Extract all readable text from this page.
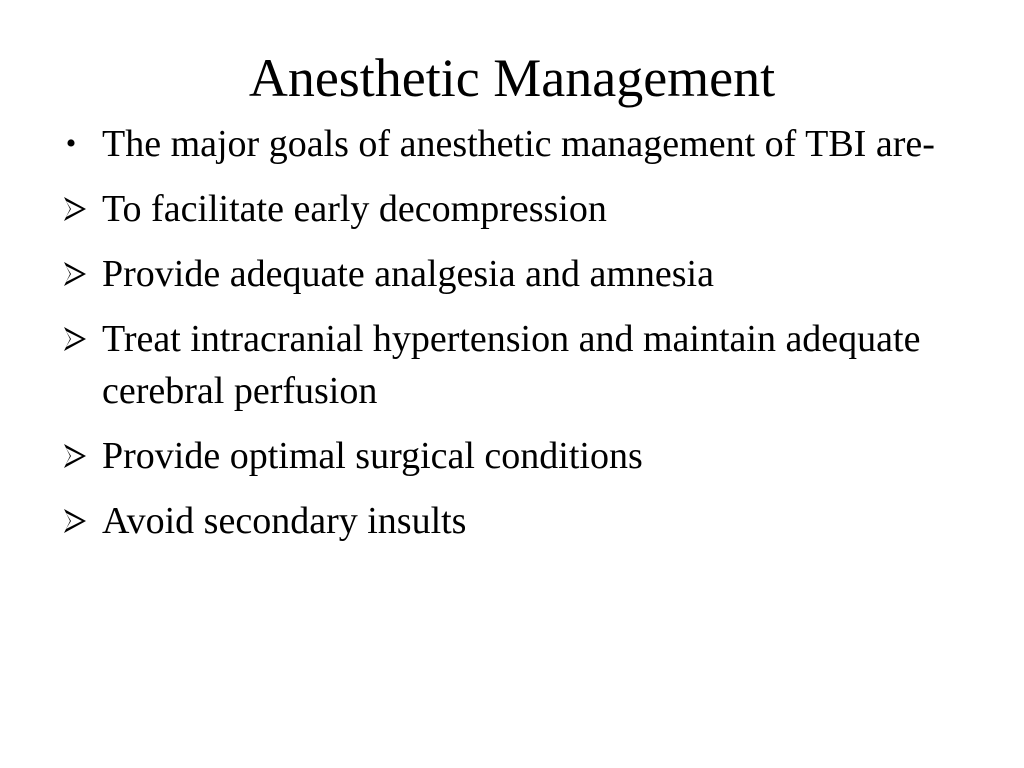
Anesthetic Management
• The major goals of anesthetic management of TBI are-
To facilitate early decompression
Provide adequate analgesia and amnesia
Treat intracranial hypertension and maintain adequate cerebral perfusion
Provide optimal surgical conditions
Avoid secondary insults
